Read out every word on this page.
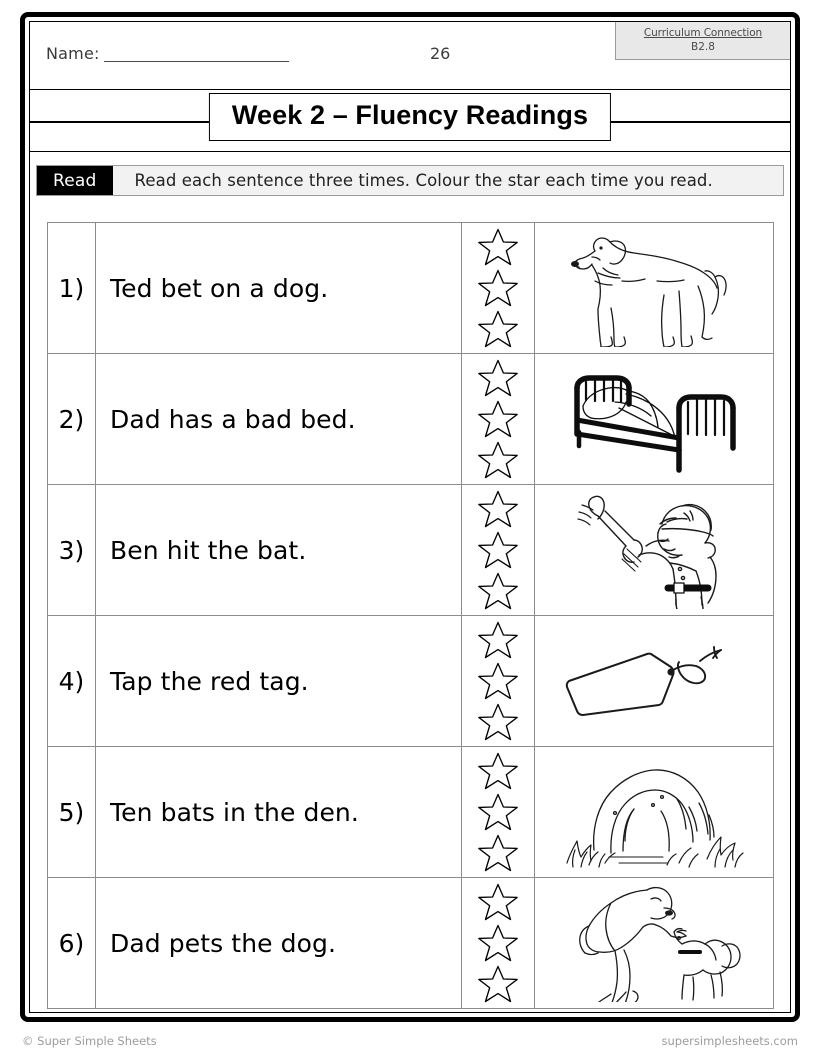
Name:	26
Curriculum Connection
B2.8
Week 2 – Fluency Readings
Read	Read each sentence three times. Colour the star each time you read.
1)	Ted bet on a dog.

2)	Dad has a bad bed.

3)	Ben hit the bat.

4)	Tap the red tag.

5)	Ten bats in the den.

6)	Dad pets the dog.

© Super Simple Sheets	supersimplesheets.com
